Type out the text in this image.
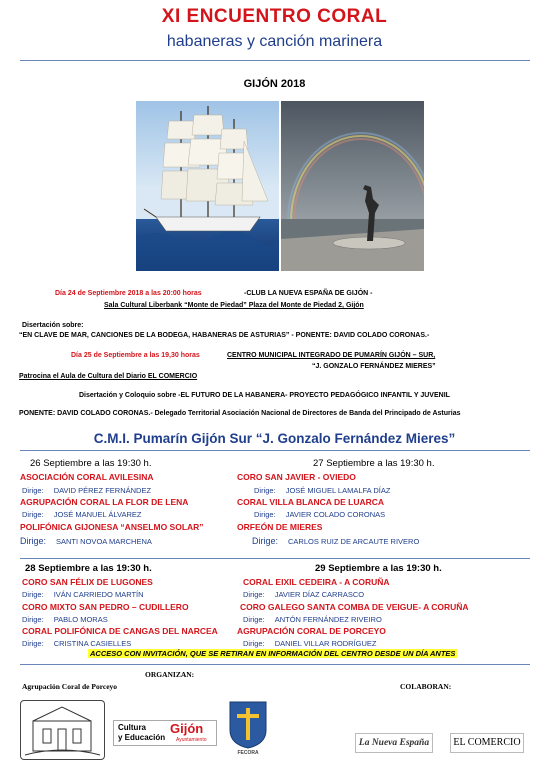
XI ENCUENTRO CORAL
habaneras y canción marinera
GIJÓN 2018
Día 24 de Septiembre 2018 a las 20:00 horas	-CLUB LA NUEVA ESPAÑA DE GIJÓN -
Sala Cultural Liberbank “Monte de Piedad” Plaza del Monte de Piedad 2, Gijón
Disertación sobre:
“EN CLAVE DE MAR, CANCIONES DE LA BODEGA, HABANERAS DE ASTURIAS” - PONENTE: DAVID COLADO CORONAS.-
Día 25 de Septiembre a las 19,30 horas	CENTRO MUNICIPAL INTEGRADO DE PUMARÍN GIJÓN – SUR,
“J. GONZALO FERNÁNDEZ MIERES”
Patrocina el Aula de Cultura del Diario EL COMERCIO
Disertación y Coloquio sobre -EL FUTURO DE LA HABANERA- PROYECTO PEDAGÓGICO INFANTIL Y JUVENIL
PONENTE: DAVID COLADO CORONAS.- Delegado Territorial Asociación Nacional de Directores de Banda del Principado de Asturias
C.M.I. Pumarín Gijón Sur “J. Gonzalo Fernández Mieres”
26 Septiembre a las 19:30 h.
ASOCIACIÓN CORAL AVILESINA
Dirige: DAVID PÉREZ FERNÁNDEZ
AGRUPACIÓN CORAL LA FLOR DE LENA
Dirige: JOSÉ MANUEL ÁLVAREZ
POLIFÓNICA GIJONESA “ANSELMO SOLAR”
Dirige: SANTI NOVOA MARCHENA
27 Septiembre a las 19:30 h.
CORO SAN JAVIER - OVIEDO
Dirige: JOSÉ MIGUEL LAMALFA DÍAZ
CORAL VILLA BLANCA DE LUARCA
Dirige: JAVIER COLADO CORONAS
ORFEÓN DE MIERES
Dirige: CARLOS RUIZ DE ARCAUTE RIVERO
28 Septiembre a las 19:30 h.
CORO SAN FÉLIX DE LUGONES
Dirige: IVÁN CARRIEDO MARTÍN
CORO MIXTO SAN PEDRO – CUDILLERO
Dirige: PABLO MORAS
CORAL POLIFÓNICA DE CANGAS DEL NARCEA
Dirige: CRISTINA CASIELLES
29 Septiembre a las 19:30 h.
CORAL EIXIL CEDEIRA - A CORUÑA
Dirige: JAVIER DÍAZ CARRASCO
CORO GALEGO SANTA COMBA DE VEIGUE- A CORUÑA
Dirige: ANTÓN FERNÁNDEZ RIVEIRO
AGRUPACIÓN CORAL DE PORCEYO
Dirige: DANIEL VILLAR RODRÍGUEZ
ACCESO CON INVITACIÓN, QUE SE RETIRAN EN INFORMACIÓN DEL CENTRO DESDE UN DÍA ANTES
ORGANIZAN:
Agrupación Coral de Porceyo	COLABORAN:
Cultura
y Educación
Gijón
Ayuntamiento
FECORA
La Nueva España	EL COMERCIO
